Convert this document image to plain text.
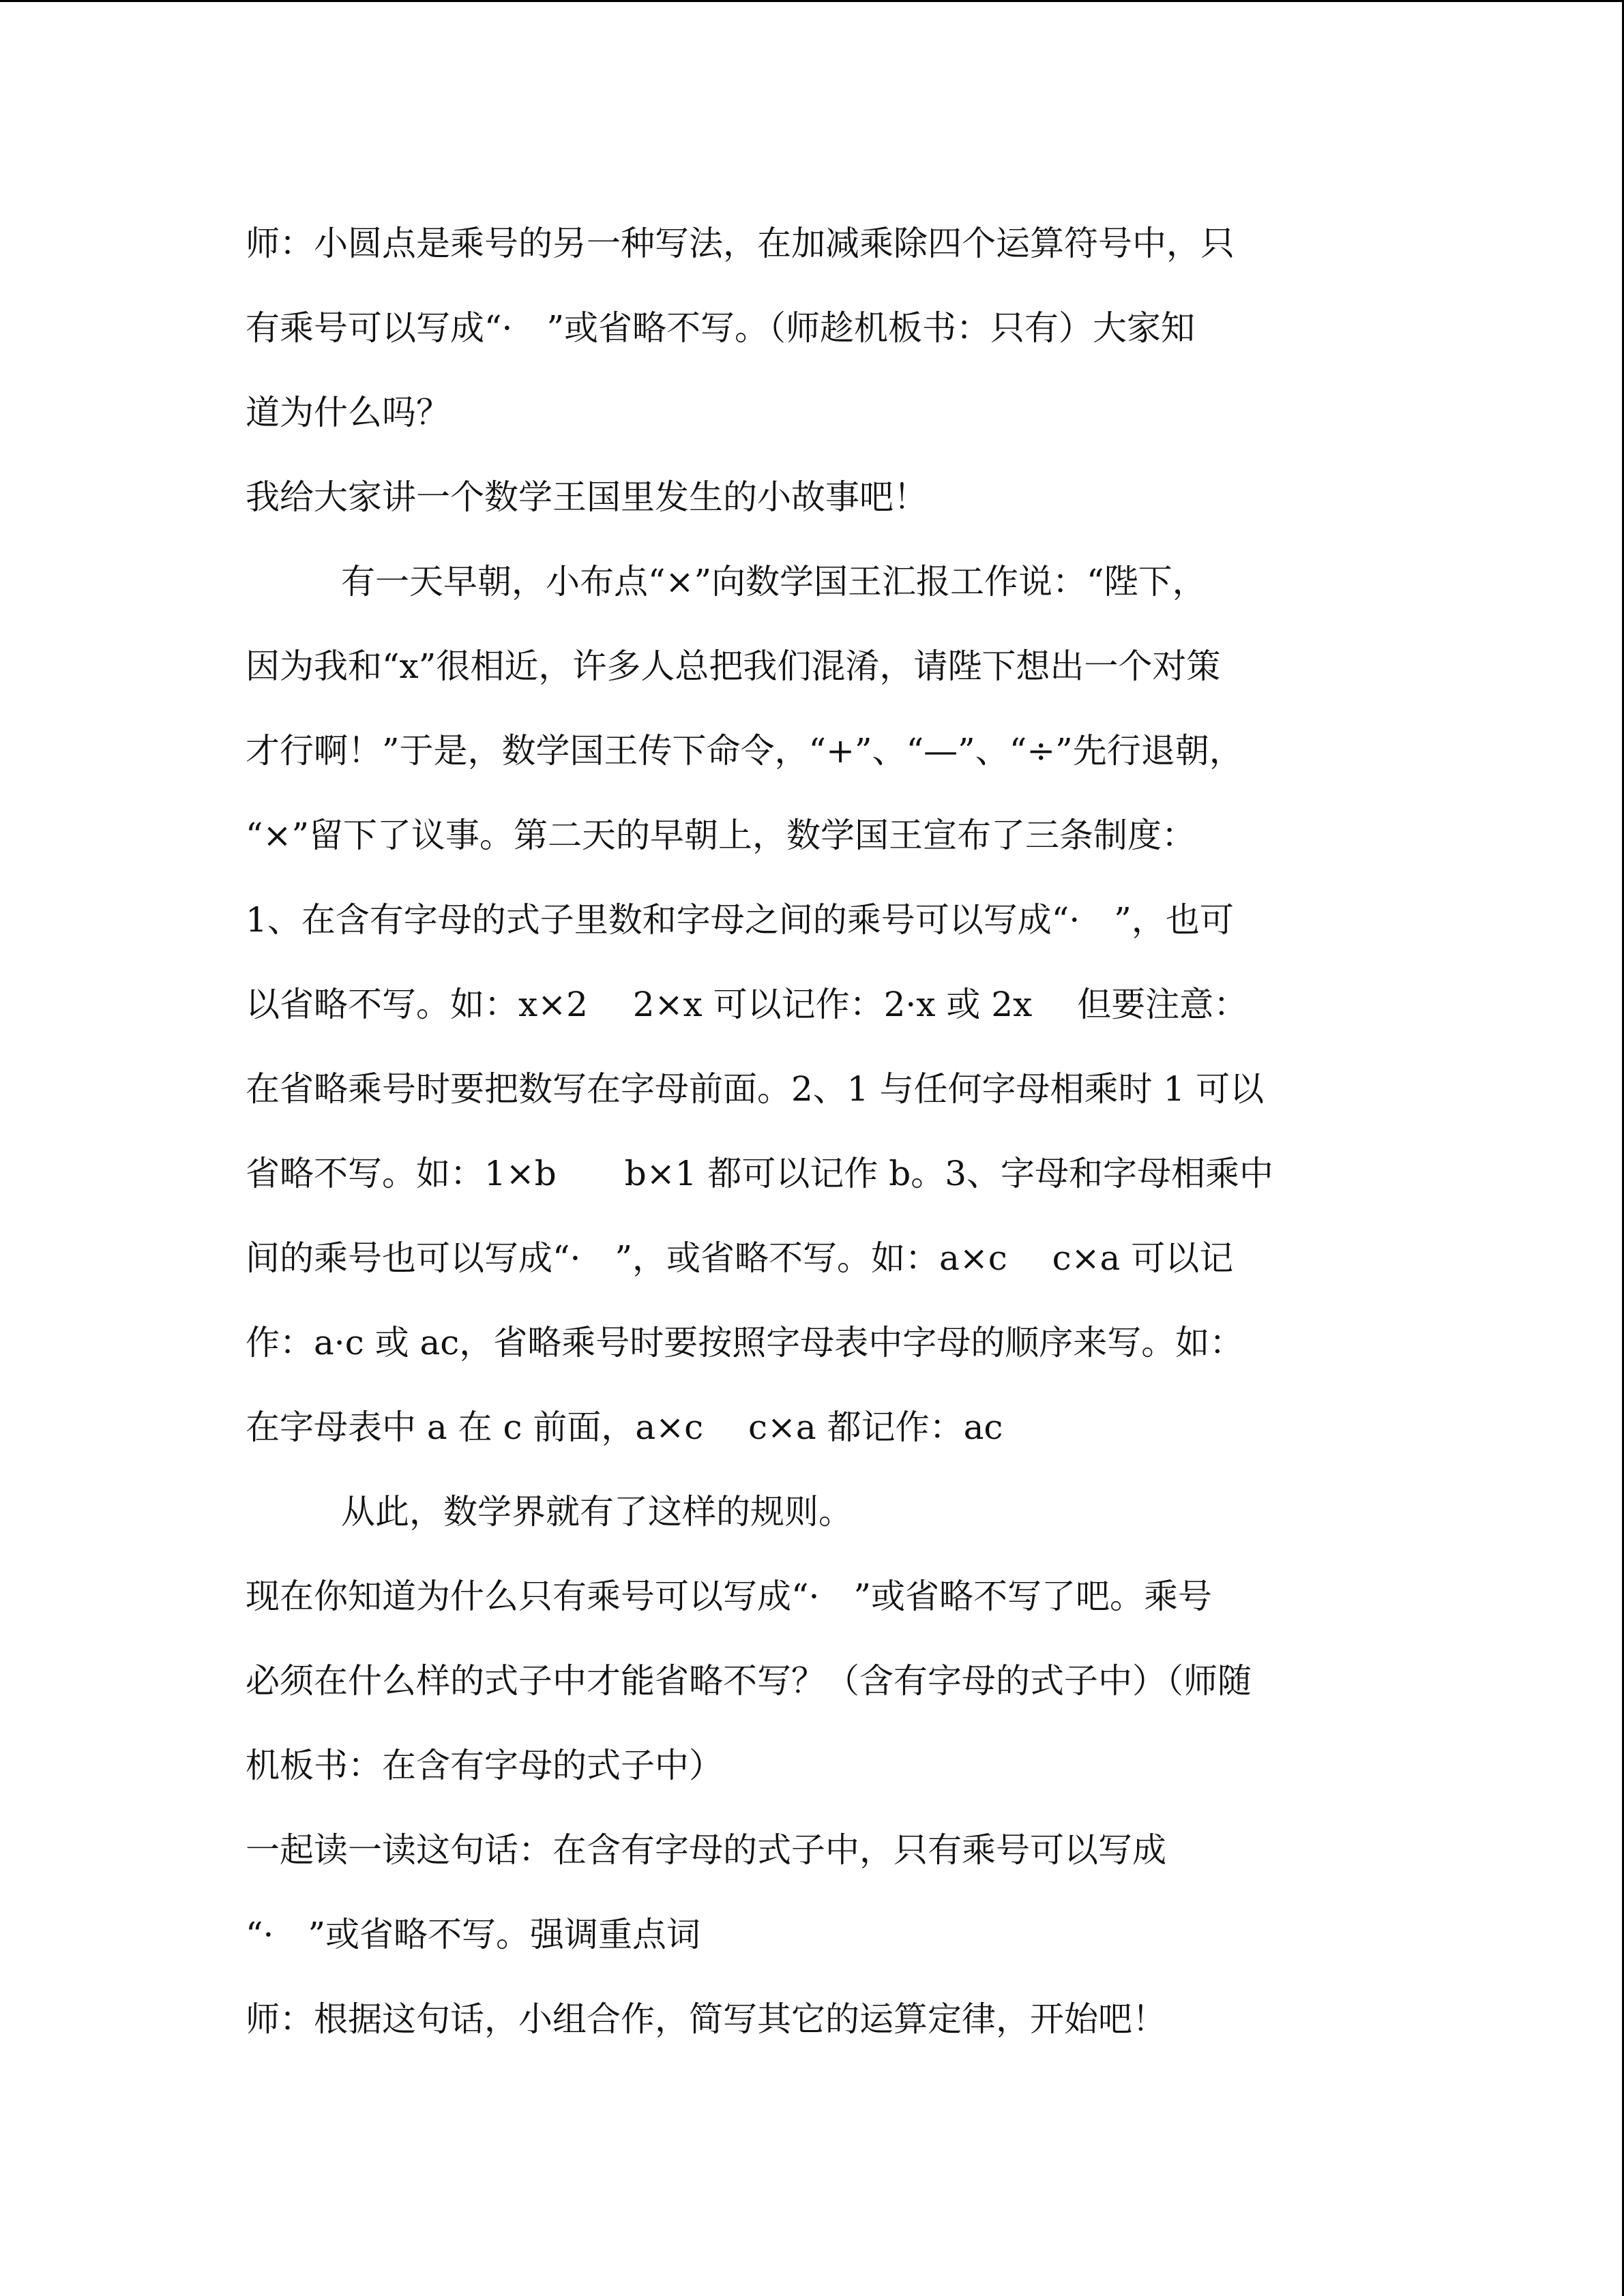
师：小圆点是乘号的另一种写法，在加减乘除四个运算符号中，只
有乘号可以写成“·　”或省略不写。（师趁机板书：只有）大家知
道为什么吗？

我给大家讲一个数学王国里发生的小故事吧！

有一天早朝，小布点“×”向数学国王汇报工作说：“陛下，
因为我和“x”很相近，许多人总把我们混淆，请陛下想出一个对策
才行啊！”于是，数学国王传下命令，“+”、“—”、“÷”先行退朝，
“×”留下了议事。第二天的早朝上，数学国王宣布了三条制度：
1、在含有字母的式子里数和字母之间的乘号可以写成“·　”，也可
以省略不写。如：x×2　 2×x 可以记作：2·x 或 2x　 但要注意：
在省略乘号时要把数写在字母前面。2、1 与任何字母相乘时 1 可以
省略不写。如：1×b　　b×1 都可以记作 b。3、字母和字母相乘中
间的乘号也可以写成“·　”，或省略不写。如：a×c　 c×a 可以记
作：a·c 或 ac，省略乘号时要按照字母表中字母的顺序来写。如：
在字母表中 a 在 c 前面，a×c　 c×a 都记作：ac

从此，数学界就有了这样的规则。

现在你知道为什么只有乘号可以写成“·　”或省略不写了吧。乘号
必须在什么样的式子中才能省略不写？（含有字母的式子中）（师随
机板书：在含有字母的式子中）

一起读一读这句话：在含有字母的式子中，只有乘号可以写成
“·　”或省略不写。强调重点词

师：根据这句话，小组合作，简写其它的运算定律，开始吧！
